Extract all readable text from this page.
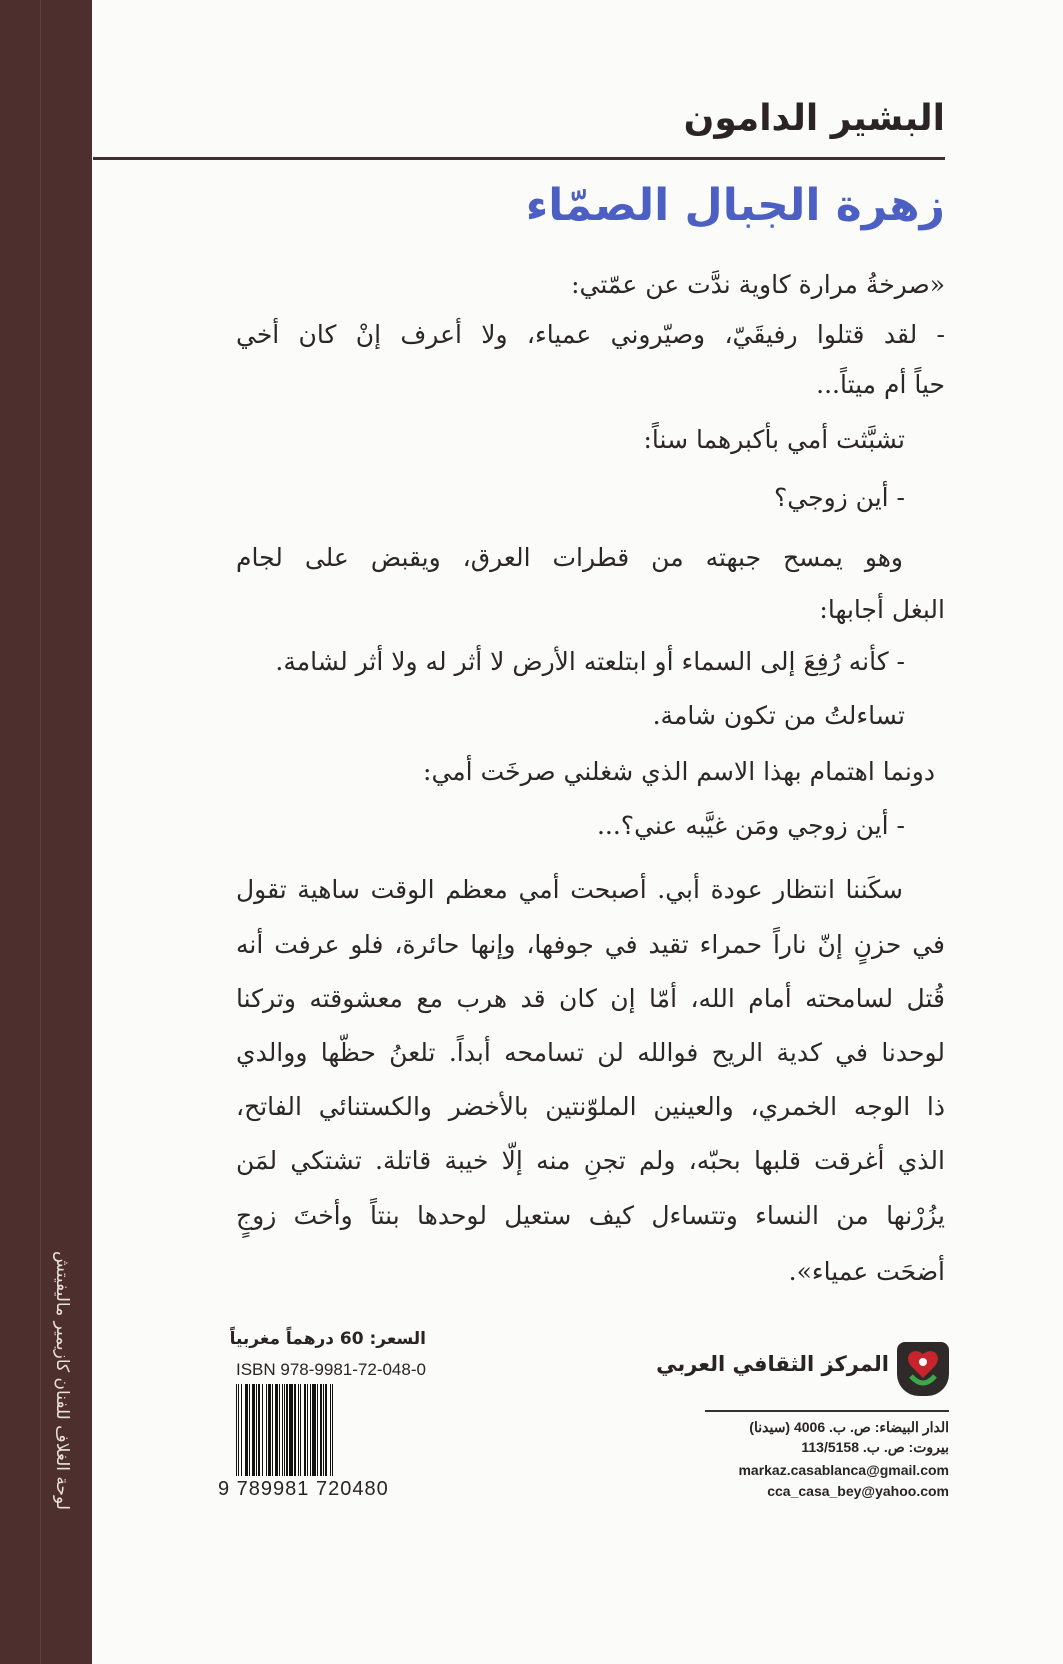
لوحة الغلاف للفنان كازيمير ماليفيتش
البشير الدامون
زهرة الجبال الصمّاء
«صرخةُ مرارة كاوية ندَّت عن عمّتي:
- لقد قتلوا رفيقَيّ، وصيّروني عمياء، ولا أعرف إنْ كان أخي
حياً أم ميتاً...
تشبَّثت أمي بأكبرهما سناً:
- أين زوجي؟
وهو يمسح جبهته من قطرات العرق، ويقبض على لجام
البغل أجابها:
- كأنه رُفِعَ إلى السماء أو ابتلعته الأرض لا أثر له ولا أثر لشامة.
تساءلتُ من تكون شامة.
دونما اهتمام بهذا الاسم الذي شغلني صرخَت أمي:
- أين زوجي ومَن غيَّبه عني؟...
سكَننا انتظار عودة أبي. أصبحت أمي معظم الوقت ساهية تقول
في حزنٍ إنّ ناراً حمراء تقيد في جوفها، وإنها حائرة، فلو عرفت أنه
قُتل لسامحته أمام الله، أمّا إن كان قد هرب مع معشوقته وتركنا
لوحدنا في كدية الريح فوالله لن تسامحه أبداً. تلعنُ حظّها ووالدي
ذا الوجه الخمري، والعينين الملوّنتين بالأخضر والكستنائي الفاتح،
الذي أغرقت قلبها بحبّه، ولم تجنِ منه إلّا خيبة قاتلة. تشتكي لمَن
يزُرْنها من النساء وتتساءل كيف ستعيل لوحدها بنتاً وأختَ زوجٍ
أضحَت عمياء».
السعر: 60 درهماً مغربياً
ISBN 978-9981-72-048-0
9 789981 720480
المركز الثقافي العربي
الدار البيضاء: ص. ب. 4006 (سيدنا)
بيروت: ص. ب. 113/5158
markaz.casablanca@gmail.com
cca_casa_bey@yahoo.com
